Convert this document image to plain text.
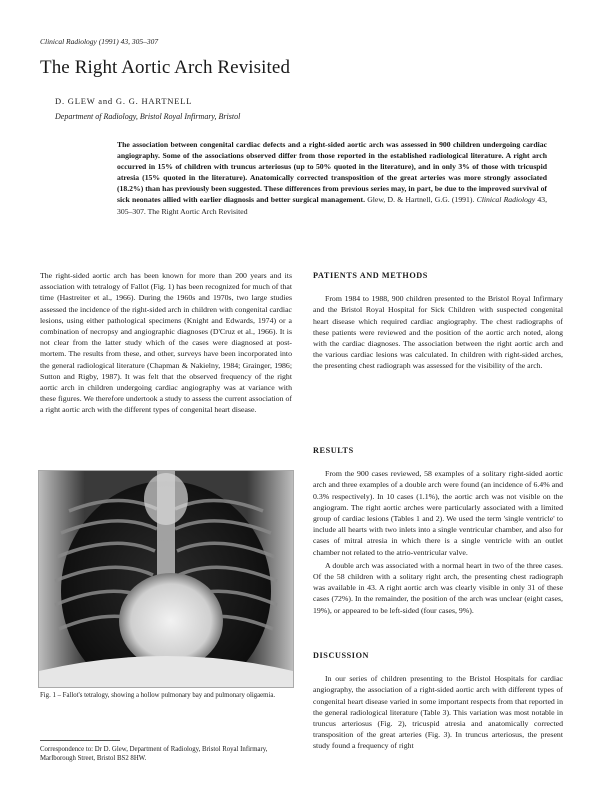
Clinical Radiology (1991) 43, 305–307
The Right Aortic Arch Revisited
D. GLEW and G. G. HARTNELL
Department of Radiology, Bristol Royal Infirmary, Bristol
The association between congenital cardiac defects and a right-sided aortic arch was assessed in 900 children undergoing cardiac angiography. Some of the associations observed differ from those reported in the established radiological literature. A right arch occurred in 15% of children with truncus arteriosus (up to 50% quoted in the literature), and in only 3% of those with tricuspid atresia (15% quoted in the literature). Anatomically corrected transposition of the great arteries was more strongly associated (18.2%) than has previously been suggested. These differences from previous series may, in part, be due to the improved survival of sick neonates allied with earlier diagnosis and better surgical management. Glew, D. & Hartnell, G.G. (1991). Clinical Radiology 43, 305–307. The Right Aortic Arch Revisited

The right-sided aortic arch has been known for more than 200 years and its association with tetralogy of Fallot (Fig. 1) has been recognized for much of that time (Hastreiter et al., 1966). During the 1960s and 1970s, two large studies assessed the incidence of the right-sided arch in children with congenital cardiac lesions, using either pathological specimens (Knight and Edwards, 1974) or a combination of necropsy and angiographic diagnoses (D'Cruz et al., 1966). It is not clear from the latter study which of the cases were diagnosed at post-mortem. The results from these, and other, surveys have been incorporated into the general radiological literature (Chapman & Nakielny, 1984; Grainger, 1986; Sutton and Rigby, 1987). It was felt that the observed frequency of the right aortic arch in children undergoing cardiac angiography was at variance with these figures. We therefore undertook a study to assess the current association of a right aortic arch with the different types of congenital heart disease.

Fig. 1 – Fallot's tetralogy, showing a hollow pulmonary bay and pulmonary oligaemia.
Correspondence to: Dr D. Glew, Department of Radiology, Bristol Royal Infirmary, Marlborough Street, Bristol BS2 8HW.
PATIENTS AND METHODS

From 1984 to 1988, 900 children presented to the Bristol Royal Infirmary and the Bristol Royal Hospital for Sick Children with suspected congenital heart disease which required cardiac angiography. The chest radiographs of these patients were reviewed and the position of the aortic arch noted, along with the cardiac diagnoses. The association between the right aortic arch and the various cardiac lesions was calculated. In children with right-sided arches, the presenting chest radiograph was assessed for the visibility of the arch.

RESULTS

From the 900 cases reviewed, 58 examples of a solitary right-sided aortic arch and three examples of a double arch were found (an incidence of 6.4% and 0.3% respectively). In 10 cases (1.1%), the aortic arch was not visible on the angiogram. The right aortic arches were particularly associated with a limited group of cardiac lesions (Tables 1 and 2). We used the term 'single ventricle' to include all hearts with two inlets into a single ventricular chamber, and also for cases of mitral atresia in which there is a single ventricle with an outlet chamber not related to the atrio-ventricular valve.

A double arch was associated with a normal heart in two of the three cases. Of the 58 children with a solitary right arch, the presenting chest radiograph was available in 43. A right aortic arch was clearly visible in only 31 of these cases (72%). In the remainder, the position of the arch was unclear (eight cases, 19%), or appeared to be left-sided (four cases, 9%).

DISCUSSION

In our series of children presenting to the Bristol Hospitals for cardiac angiography, the association of a right-sided aortic arch with different types of congenital heart disease varied in some important respects from that reported in the general radiological literature (Table 3). This variation was most notable in truncus arteriosus (Fig. 2), tricuspid atresia and anatomically corrected transposition of the great arteries (Fig. 3). In truncus arteriosus, the present study found a frequency of right
